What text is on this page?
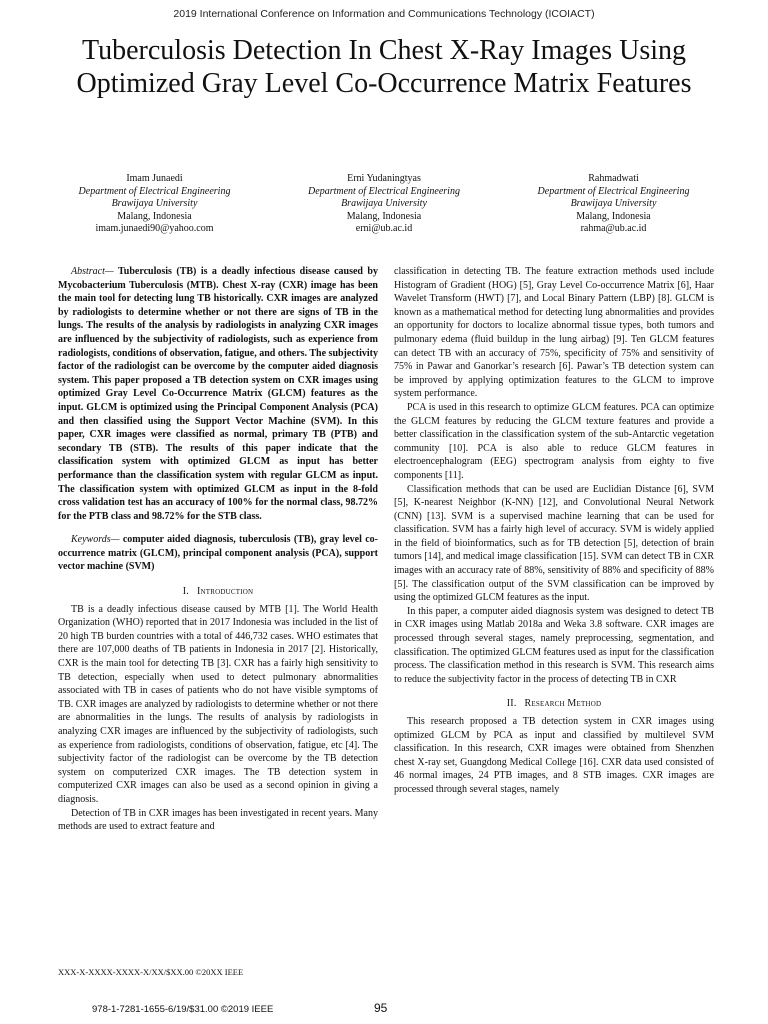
2019 International Conference on Information and Communications Technology (ICOIACT)
Tuberculosis Detection In Chest X-Ray Images Using Optimized Gray Level Co-Occurrence Matrix Features
Imam Junaedi
Department of Electrical Engineering
Brawijaya University
Malang, Indonesia
imam.junaedi90@yahoo.com
Erni Yudaningtyas
Department of Electrical Engineering
Brawijaya University
Malang, Indonesia
erni@ub.ac.id
Rahmadwati
Department of Electrical Engineering
Brawijaya University
Malang, Indonesia
rahma@ub.ac.id

Abstract— Tuberculosis (TB) is a deadly infectious disease caused by Mycobacterium Tuberculosis (MTB). Chest X-ray (CXR) image has been the main tool for detecting lung TB historically. CXR images are analyzed by radiologists to determine whether or not there are signs of TB in the lungs. The results of the analysis by radiologists in analyzing CXR images are influenced by the subjectivity of radiologists, such as experience from radiologists, conditions of observation, fatigue, and others. The subjectivity factor of the radiologist can be overcome by the computer aided diagnosis system. This paper proposed a TB detection system on CXR images using optimized Gray Level Co-Occurrence Matrix (GLCM) features as the input. GLCM is optimized using the Principal Component Analysis (PCA) and then classified using the Support Vector Machine (SVM). In this paper, CXR images were classified as normal, primary TB (PTB) and secondary TB (STB). The results of this paper indicate that the classification system with optimized GLCM as input has better performance than the classification system with regular GLCM as input. The classification system with optimized GLCM as input in the 8-fold cross validation test has an accuracy of 100% for the normal class, 98.72% for the PTB class and 98.72% for the STB class.

Keywords— computer aided diagnosis, tuberculosis (TB), gray level co-occurrence matrix (GLCM), principal component analysis (PCA), support vector machine (SVM)

I. Introduction

TB is a deadly infectious disease caused by MTB [1]. The World Health Organization (WHO) reported that in 2017 Indonesia was included in the list of 20 high TB burden countries with a total of 446,732 cases. WHO estimates that there are 107,000 deaths of TB patients in Indonesia in 2017 [2]. Historically, CXR is the main tool for detecting TB [3]. CXR has a fairly high sensitivity to TB detection, especially when used to detect pulmonary abnormalities associated with TB in cases of patients who do not have visible symptoms of TB. CXR images are analyzed by radiologists to determine whether or not there are abnormalities in the lungs. The results of analysis by radiologists in analyzing CXR images are influenced by the subjectivity of radiologists, such as experience from radiologists, conditions of observation, fatigue, etc [4]. The subjectivity factor of the radiologist can be overcome by the TB detection system on computerized CXR images. The TB detection system in computerized CXR images can also be used as a second opinion in giving a diagnosis.

Detection of TB in CXR images has been investigated in recent years. Many methods are used to extract feature and

classification in detecting TB. The feature extraction methods used include Histogram of Gradient (HOG) [5], Gray Level Co-occurrence Matrix [6], Haar Wavelet Transform (HWT) [7], and Local Binary Pattern (LBP) [8]. GLCM is known as a mathematical method for detecting lung abnormalities and provides an opportunity for doctors to localize abnormal tissue types, both tumors and pulmonary edema (fluid buildup in the lung airbag) [9]. Ten GLCM features can detect TB with an accuracy of 75%, specificity of 75% and sensitivity of 75% in Pawar and Ganorkar’s research [6]. Pawar’s TB detection system can be improved by applying optimization features to the GLCM to improve system performance.

PCA is used in this research to optimize GLCM features. PCA can optimize the GLCM features by reducing the GLCM texture features and provide a better classification in the classification system of the sub-Antarctic vegetation community [10]. PCA is also able to reduce GLCM features in electroencephalogram (EEG) spectrogram analysis from eighty to five components [11].

Classification methods that can be used are Euclidian Distance [6], SVM [5], K-nearest Neighbor (K-NN) [12], and Convolutional Neural Network (CNN) [13]. SVM is a supervised machine learning that can be used for classification. SVM has a fairly high level of accuracy. SVM is widely applied in the field of bioinformatics, such as for TB detection [5], detection of brain tumors [14], and medical image classification [15]. SVM can detect TB in CXR images with an accuracy rate of 88%, sensitivity of 88% and specificity of 88% [5]. The classification output of the SVM classification can be improved by using the optimized GLCM features as the input.

In this paper, a computer aided diagnosis system was designed to detect TB in CXR images using Matlab 2018a and Weka 3.8 software. CXR images are processed through several stages, namely preprocessing, segmentation, and classification. The optimized GLCM features used as input for the classification process. The classification method in this research is SVM. This research aims to reduce the subjectivity factor in the process of detecting TB in CXR

II. Research Method

This research proposed a TB detection system in CXR images using optimized GLCM by PCA as input and classified by multilevel SVM classification. In this research, CXR images were obtained from Shenzhen chest X-ray set, Guangdong Medical College [16]. CXR data used consisted of 46 normal images, 24 PTB images, and 8 STB images. CXR images are processed through several stages, namely

XXX-X-XXXX-XXXX-X/XX/$XX.00 ©20XX IEEE
978-1-7281-1655-6/19/$31.00 ©2019 IEEE	95
